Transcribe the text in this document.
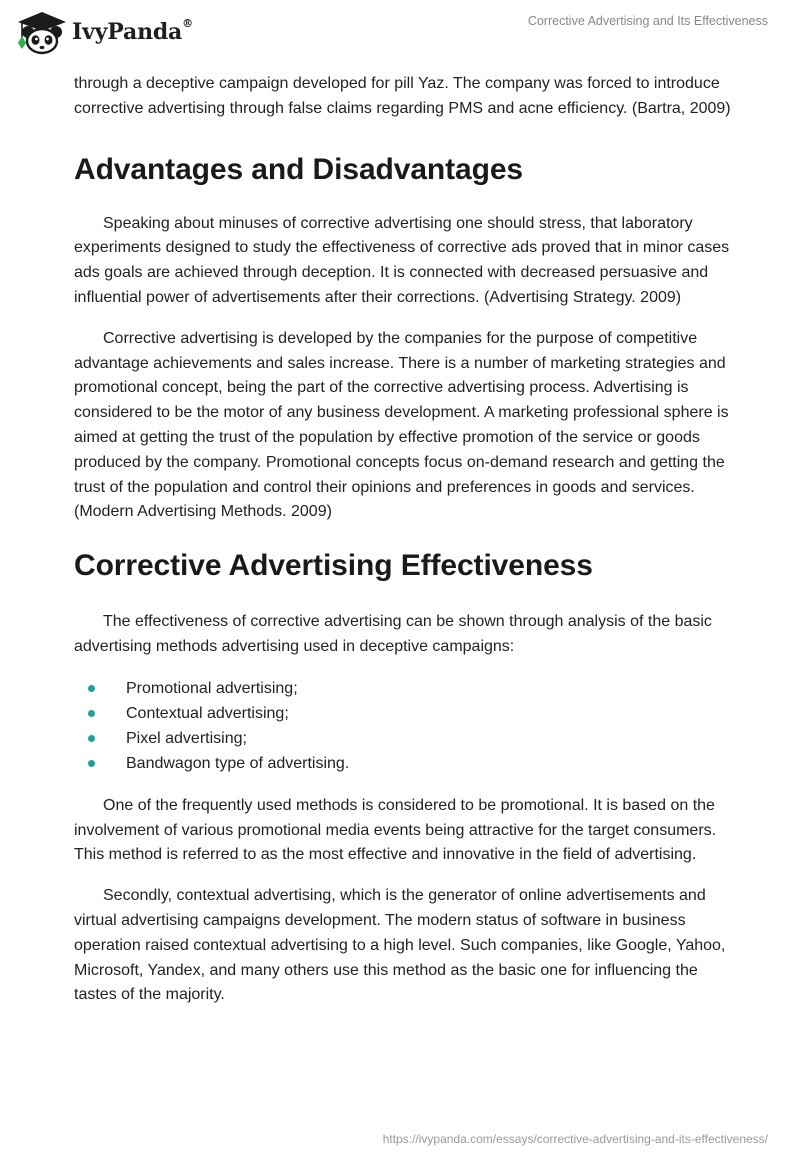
IvyPanda®	Corrective Advertising and Its Effectiveness

through a deceptive campaign developed for pill Yaz. The company was forced to introduce corrective advertising through false claims regarding PMS and acne efficiency. (Bartra, 2009)

Advantages and Disadvantages

Speaking about minuses of corrective advertising one should stress, that laboratory experiments designed to study the effectiveness of corrective ads proved that in minor cases ads goals are achieved through deception. It is connected with decreased persuasive and influential power of advertisements after their corrections. (Advertising Strategy. 2009)

Corrective advertising is developed by the companies for the purpose of competitive advantage achievements and sales increase. There is a number of marketing strategies and promotional concept, being the part of the corrective advertising process. Advertising is considered to be the motor of any business development. A marketing professional sphere is aimed at getting the trust of the population by effective promotion of the service or goods produced by the company. Promotional concepts focus on-demand research and getting the trust of the population and control their opinions and preferences in goods and services. (Modern Advertising Methods. 2009)

Corrective Advertising Effectiveness

The effectiveness of corrective advertising can be shown through analysis of the basic advertising methods advertising used in deceptive campaigns:

Promotional advertising;
Contextual advertising;
Pixel advertising;
Bandwagon type of advertising.

One of the frequently used methods is considered to be promotional. It is based on the involvement of various promotional media events being attractive for the target consumers. This method is referred to as the most effective and innovative in the field of advertising.

Secondly, contextual advertising, which is the generator of online advertisements and virtual advertising campaigns development. The modern status of software in business operation raised contextual advertising to a high level. Such companies, like Google, Yahoo, Microsoft, Yandex, and many others use this method as the basic one for influencing the tastes of the majority.

https://ivypanda.com/essays/corrective-advertising-and-its-effectiveness/
